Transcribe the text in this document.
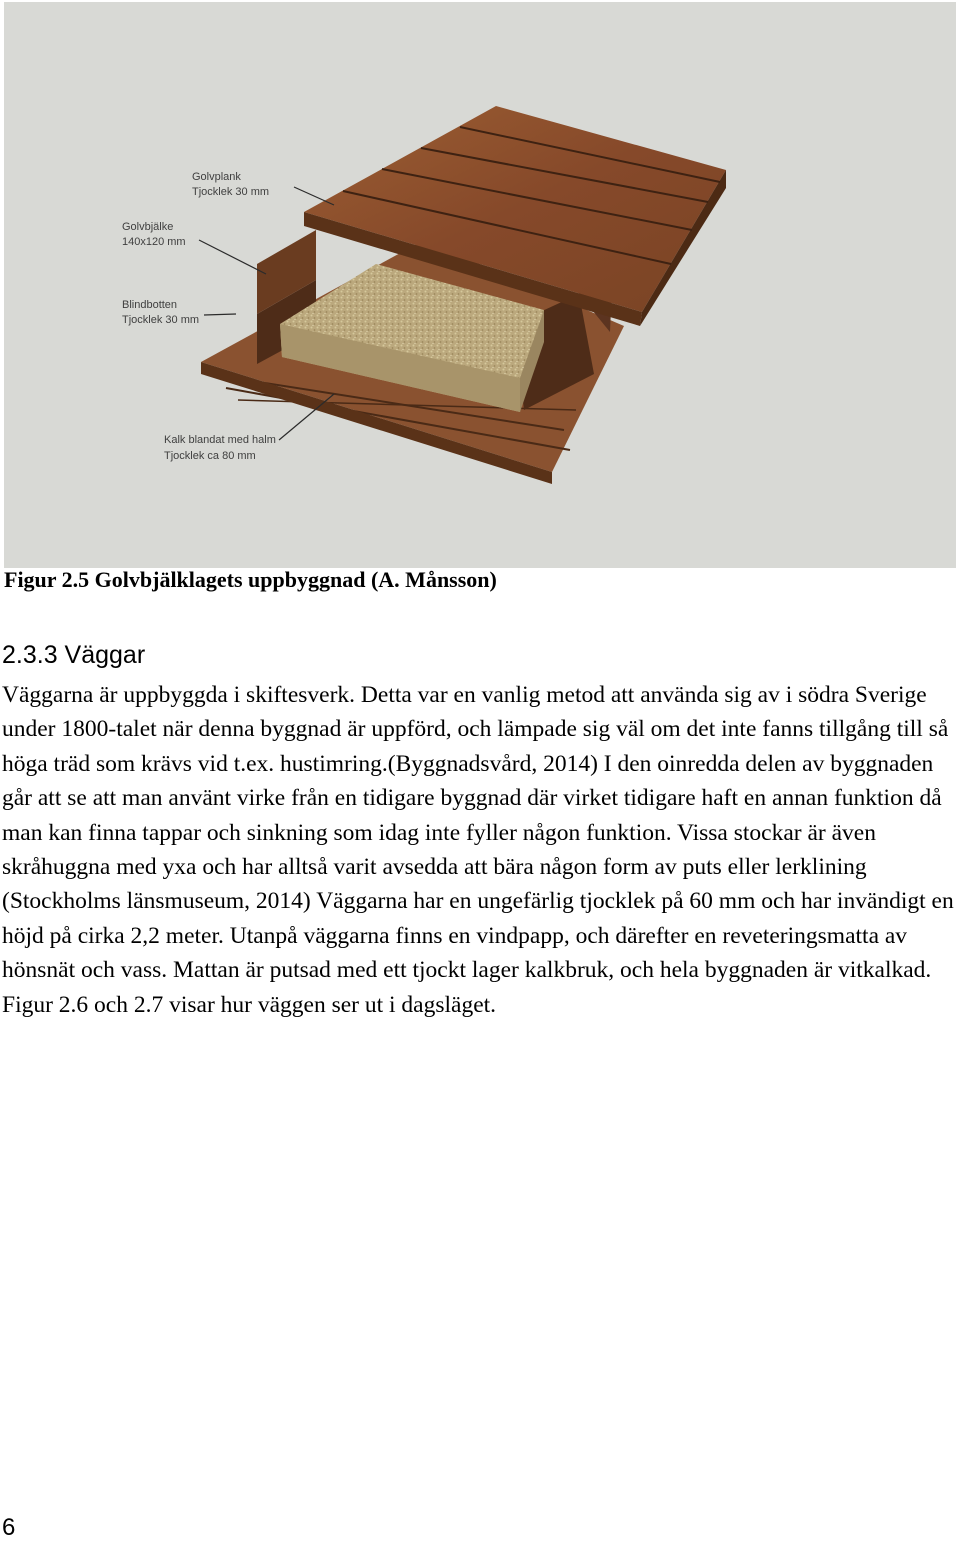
Golvplank
Tjocklek 30 mm
Golvbjälke
140x120 mm
Blindbotten
Tjocklek 30 mm
Kalk blandat med halm
Tjocklek ca 80 mm
Figur 2.5 Golvbjälklagets uppbyggnad (A. Månsson)
2.3.3 Väggar

Väggarna är uppbyggda i skiftesverk. Detta var en vanlig metod att använda sig av i södra Sverige under 1800-talet när denna byggnad är uppförd, och lämpade sig väl om det inte fanns tillgång till så höga träd som krävs vid t.ex. hustimring.(Byggnadsvård, 2014) I den oinredda delen av byggnaden går att se att man använt virke från en tidigare byggnad där virket tidigare haft en annan funktion då man kan finna tappar och sinkning som idag inte fyller någon funktion. Vissa stockar är även skråhuggna med yxa och har alltså varit avsedda att bära någon form av puts eller lerklining (Stockholms länsmuseum, 2014) Väggarna har en ungefärlig tjocklek på 60 mm och har invändigt en höjd på cirka 2,2 meter. Utanpå väggarna finns en vindpapp, och därefter en reveteringsmatta av hönsnät och vass. Mattan är putsad med ett tjockt lager kalkbruk, och hela byggnaden är vitkalkad. Figur 2.6 och 2.7 visar hur väggen ser ut i dagsläget.

6
